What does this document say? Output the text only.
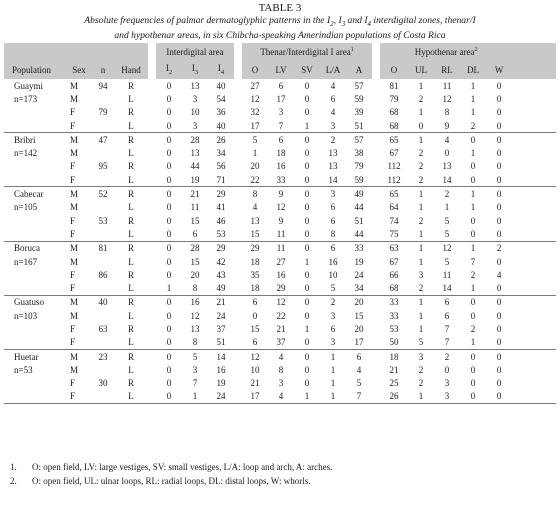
TABLE 3
Absolute frequencies of palmar dermatoglyphic patterns in the $I_2$, $I_3$ and $I_4$ interdigital zones, thenar/I
and hypothenar areas, in six Chibcha-speaking Amerindian populations of Costa Rica
					Interdigital area				Thenar/Interdigital I area$^1$						Hypothenar area$^2$	
Population	Sex	n	Hand		$I_2$	$I_3$	$I_4$		O	LV	SV	L/A	A		O	UL	RL	DL	W	
Guaymi	M	94	R		0	13	40		27	6	0	4	57		81	1	11	1	0	
n=173	M		L		0	3	54		12	17	0	6	59		79	2	12	1	0	
	F	79	R		0	10	36		32	3	0	4	39		68	1	8	1	0	
	F		L		0	3	40		17	7	1	3	51		68	0	9	2	0	
Bribri	M	47	R		0	28	26		5	6	0	2	57		65	1	4	0	0	
n=142	M		L		0	13	34		1	18	0	13	38		67	2	0	1	0	
	F	95	R		0	44	56		20	16	0	13	79		112	2	13	0	0	
	F		L		0	19	71		22	33	0	14	59		112	2	14	0	0	
Cabecar	M	52	R		0	21	29		8	9	0	3	49		65	1	2	1	0	
n=105	M		L		0	11	41		4	12	0	6	44		64	1	1	1	0	
	F	53	R		0	15	46		13	9	0	6	51		74	2	5	0	0	
	F		L		0	6	53		15	11	0	8	44		75	1	5	0	0	
Boruca	M	81	R		0	28	29		29	11	0	6	33		63	1	12	1	2	
n=167	M		L		0	15	42		18	27	1	16	19		67	1	5	7	0	
	F	86	R		0	20	43		35	16	0	10	24		66	3	11	2	4	
	F		L		1	8	49		18	29	0	5	34		68	2	14	1	0	
Guatuso	M	40	R		0	16	21		6	12	0	2	20		33	1	6	0	0	
n=103	M		L		0	12	24		0	22	0	3	15		33	1	6	0	0	
	F	63	R		0	13	37		15	21	1	6	20		53	1	7	2	0	
	F		L		0	8	51		6	37	0	3	17		50	5	7	1	0	
Huetar	M	23	R		0	5	14		12	4	0	1	6		18	3	2	0	0	
n=53	M		L		0	3	16		10	8	0	1	4		21	2	0	0	0	
	F	30	R		0	7	19		21	3	0	1	5		25	2	3	0	0	
	F		L		0	1	24		17	4	1	1	7		26	1	3	0	0	
1. O: open field, LV: large vestiges, SV: small vestiges, L/A: loop and arch, A: arches.
2. O: open field, UL: ulnar loops, RL: radial loops, DL: distal loops, W: whorls.
